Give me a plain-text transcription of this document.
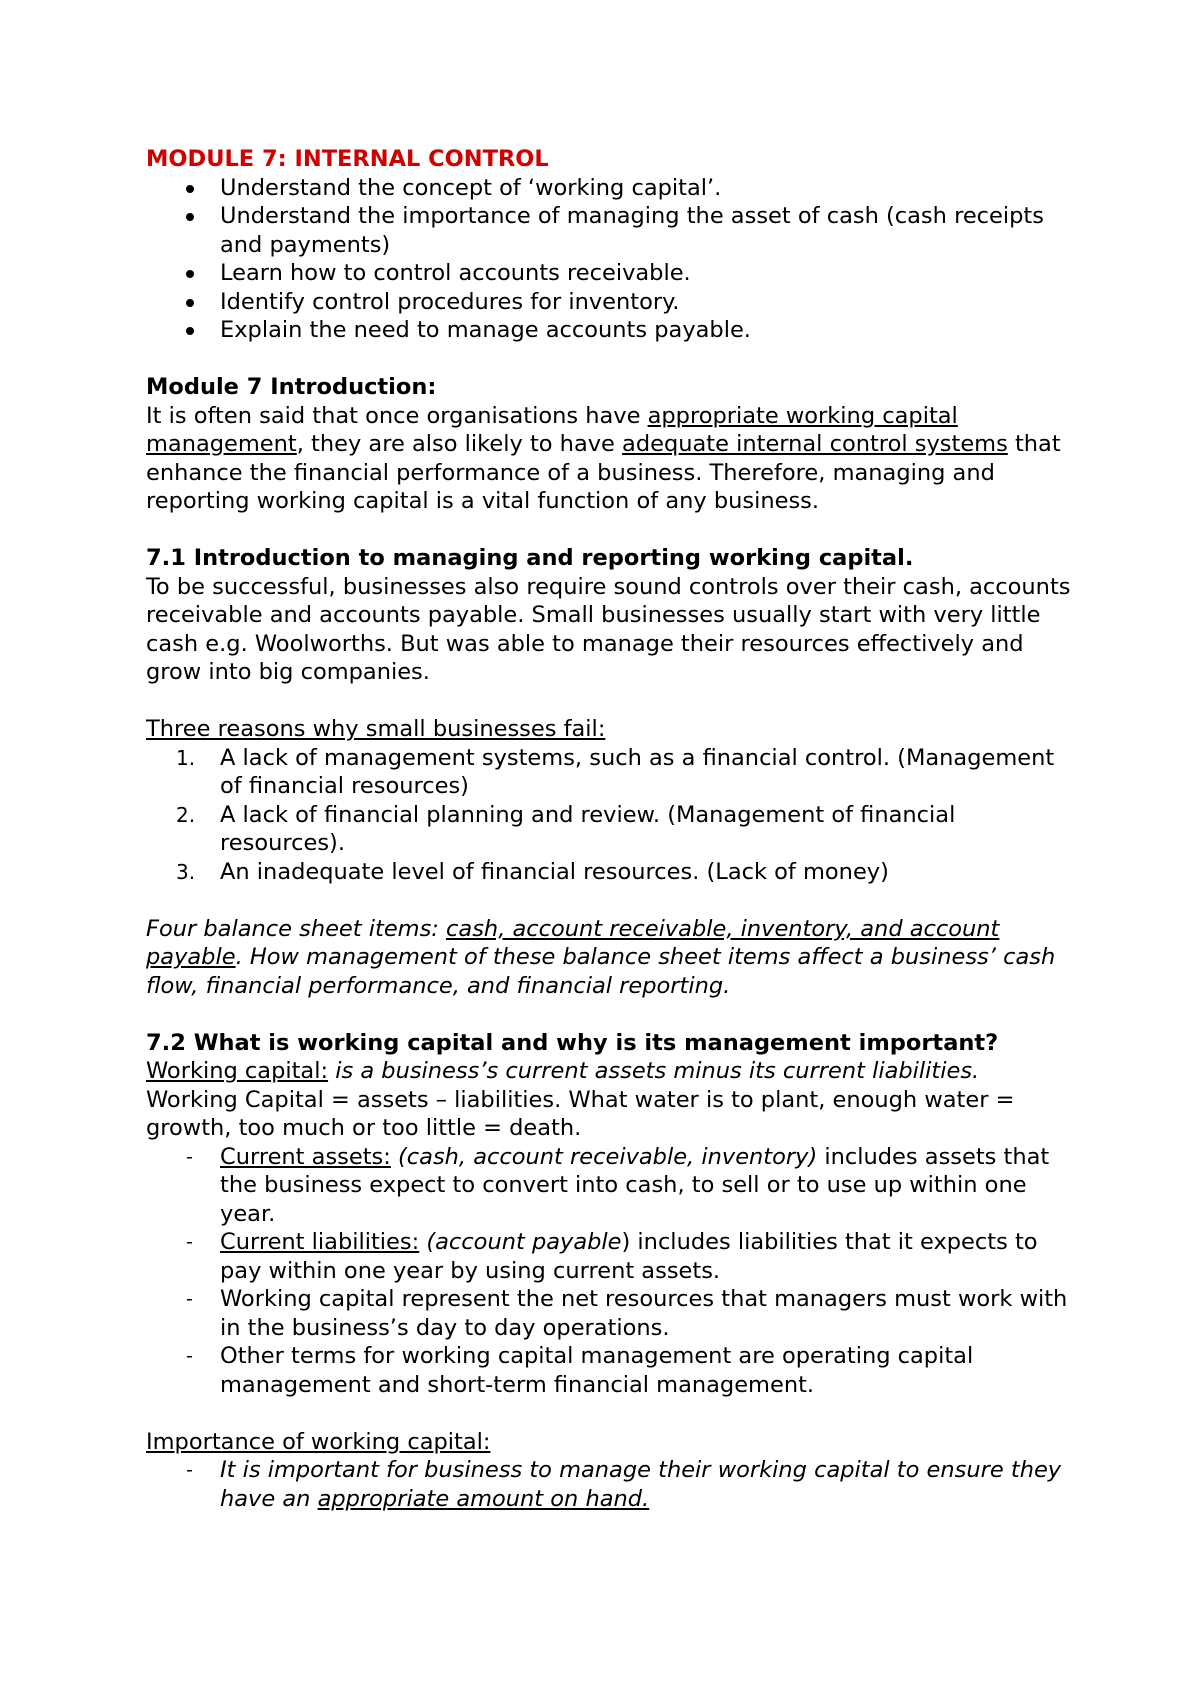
MODULE 7: INTERNAL CONTROL

Understand the concept of ‘working capital’.
Understand the importance of managing the asset of cash (cash receipts and payments)
Learn how to control accounts receivable.
Identify control procedures for inventory.
Explain the need to manage accounts payable.

Module 7 Introduction:

It is often said that once organisations have appropriate working capital management, they are also likely to have adequate internal control systems that enhance the financial performance of a business. Therefore, managing and reporting working capital is a vital function of any business.

7.1 Introduction to managing and reporting working capital.

To be successful, businesses also require sound controls over their cash, accounts receivable and accounts payable. Small businesses usually start with very little cash e.g. Woolworths. But was able to manage their resources effectively and grow into big companies.

Three reasons why small businesses fail:

1. A lack of management systems, such as a financial control. (Management of financial resources)
2. A lack of financial planning and review. (Management of financial resources).
3. An inadequate level of financial resources. (Lack of money)

Four balance sheet items: cash, account receivable, inventory, and account payable. How management of these balance sheet items affect a business’ cash flow, financial performance, and financial reporting.

7.2 What is working capital and why is its management important?

Working capital: is a business’s current assets minus its current liabilities.

Working Capital = assets – liabilities. What water is to plant, enough water = growth, too much or too little = death.

- Current assets: (cash, account receivable, inventory) includes assets that the business expect to convert into cash, to sell or to use up within one year.
- Current liabilities: (account payable) includes liabilities that it expects to pay within one year by using current assets.
- Working capital represent the net resources that managers must work with in the business’s day to day operations.
- Other terms for working capital management are operating capital management and short-term financial management.

Importance of working capital:

- It is important for business to manage their working capital to ensure they have an appropriate amount on hand.
